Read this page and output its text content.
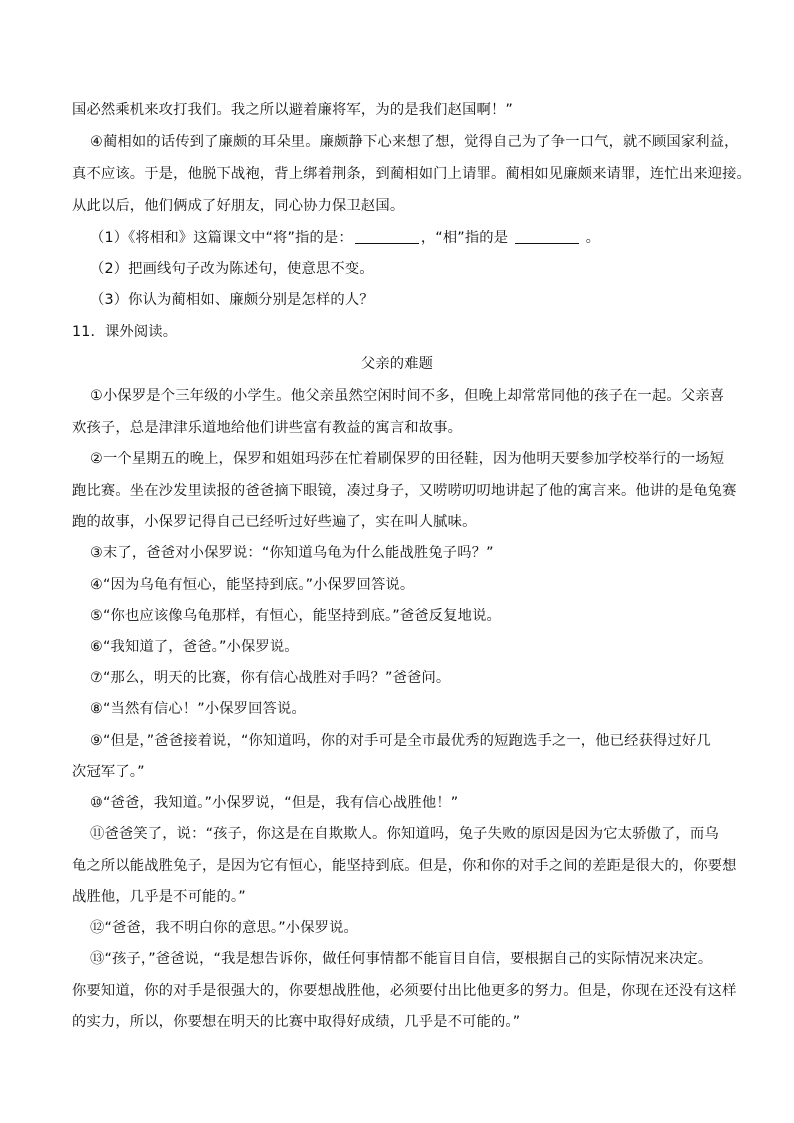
国必然乘机来攻打我们。我之所以避着廉将军，为的是我们赵国啊！”
④蔺相如的话传到了廉颇的耳朵里。廉颇静下心来想了想，觉得自己为了争一口气，就不顾国家利益，
真不应该。于是，他脱下战袍，背上绑着荆条，到蔺相如门上请罪。蔺相如见廉颇来请罪，连忙出来迎接。
从此以后，他们俩成了好朋友，同心协力保卫赵国。
（1）《将相和》这篇课文中“将”指的是：	，“相”指的是	。
（2）把画线句子改为陈述句，使意思不变。
（3）你认为蔺相如、廉颇分别是怎样的人？
11．课外阅读。
父亲的难题
①小保罗是个三年级的小学生。他父亲虽然空闲时间不多，但晚上却常常同他的孩子在一起。父亲喜
欢孩子，总是津津乐道地给他们讲些富有教益的寓言和故事。
②一个星期五的晚上，保罗和姐姐玛莎在忙着刷保罗的田径鞋，因为他明天要参加学校举行的一场短
跑比赛。坐在沙发里读报的爸爸摘下眼镜，凑过身子，又唠唠叨叨地讲起了他的寓言来。他讲的是龟兔赛
跑的故事，小保罗记得自己已经听过好些遍了，实在叫人腻味。
③末了，爸爸对小保罗说：“你知道乌龟为什么能战胜兔子吗？”
④“因为乌龟有恒心，能坚持到底。”小保罗回答说。
⑤“你也应该像乌龟那样，有恒心，能坚持到底。”爸爸反复地说。
⑥“我知道了，爸爸。”小保罗说。
⑦“那么，明天的比赛，你有信心战胜对手吗？”爸爸问。
⑧“当然有信心！”小保罗回答说。
⑨“但是，”爸爸接着说，“你知道吗，你的对手可是全市最优秀的短跑选手之一，他已经获得过好几
次冠军了。”
⑩“爸爸，我知道。”小保罗说，“但是，我有信心战胜他！”
⑪爸爸笑了，说：“孩子，你这是在自欺欺人。你知道吗，兔子失败的原因是因为它太骄傲了，而乌
龟之所以能战胜兔子，是因为它有恒心，能坚持到底。但是，你和你的对手之间的差距是很大的，你要想
战胜他，几乎是不可能的。”
⑫“爸爸，我不明白你的意思。”小保罗说。
⑬“孩子，”爸爸说，“我是想告诉你，做任何事情都不能盲目自信，要根据自己的实际情况来决定。
你要知道，你的对手是很强大的，你要想战胜他，必须要付出比他更多的努力。但是，你现在还没有这样
的实力，所以，你要想在明天的比赛中取得好成绩，几乎是不可能的。”
